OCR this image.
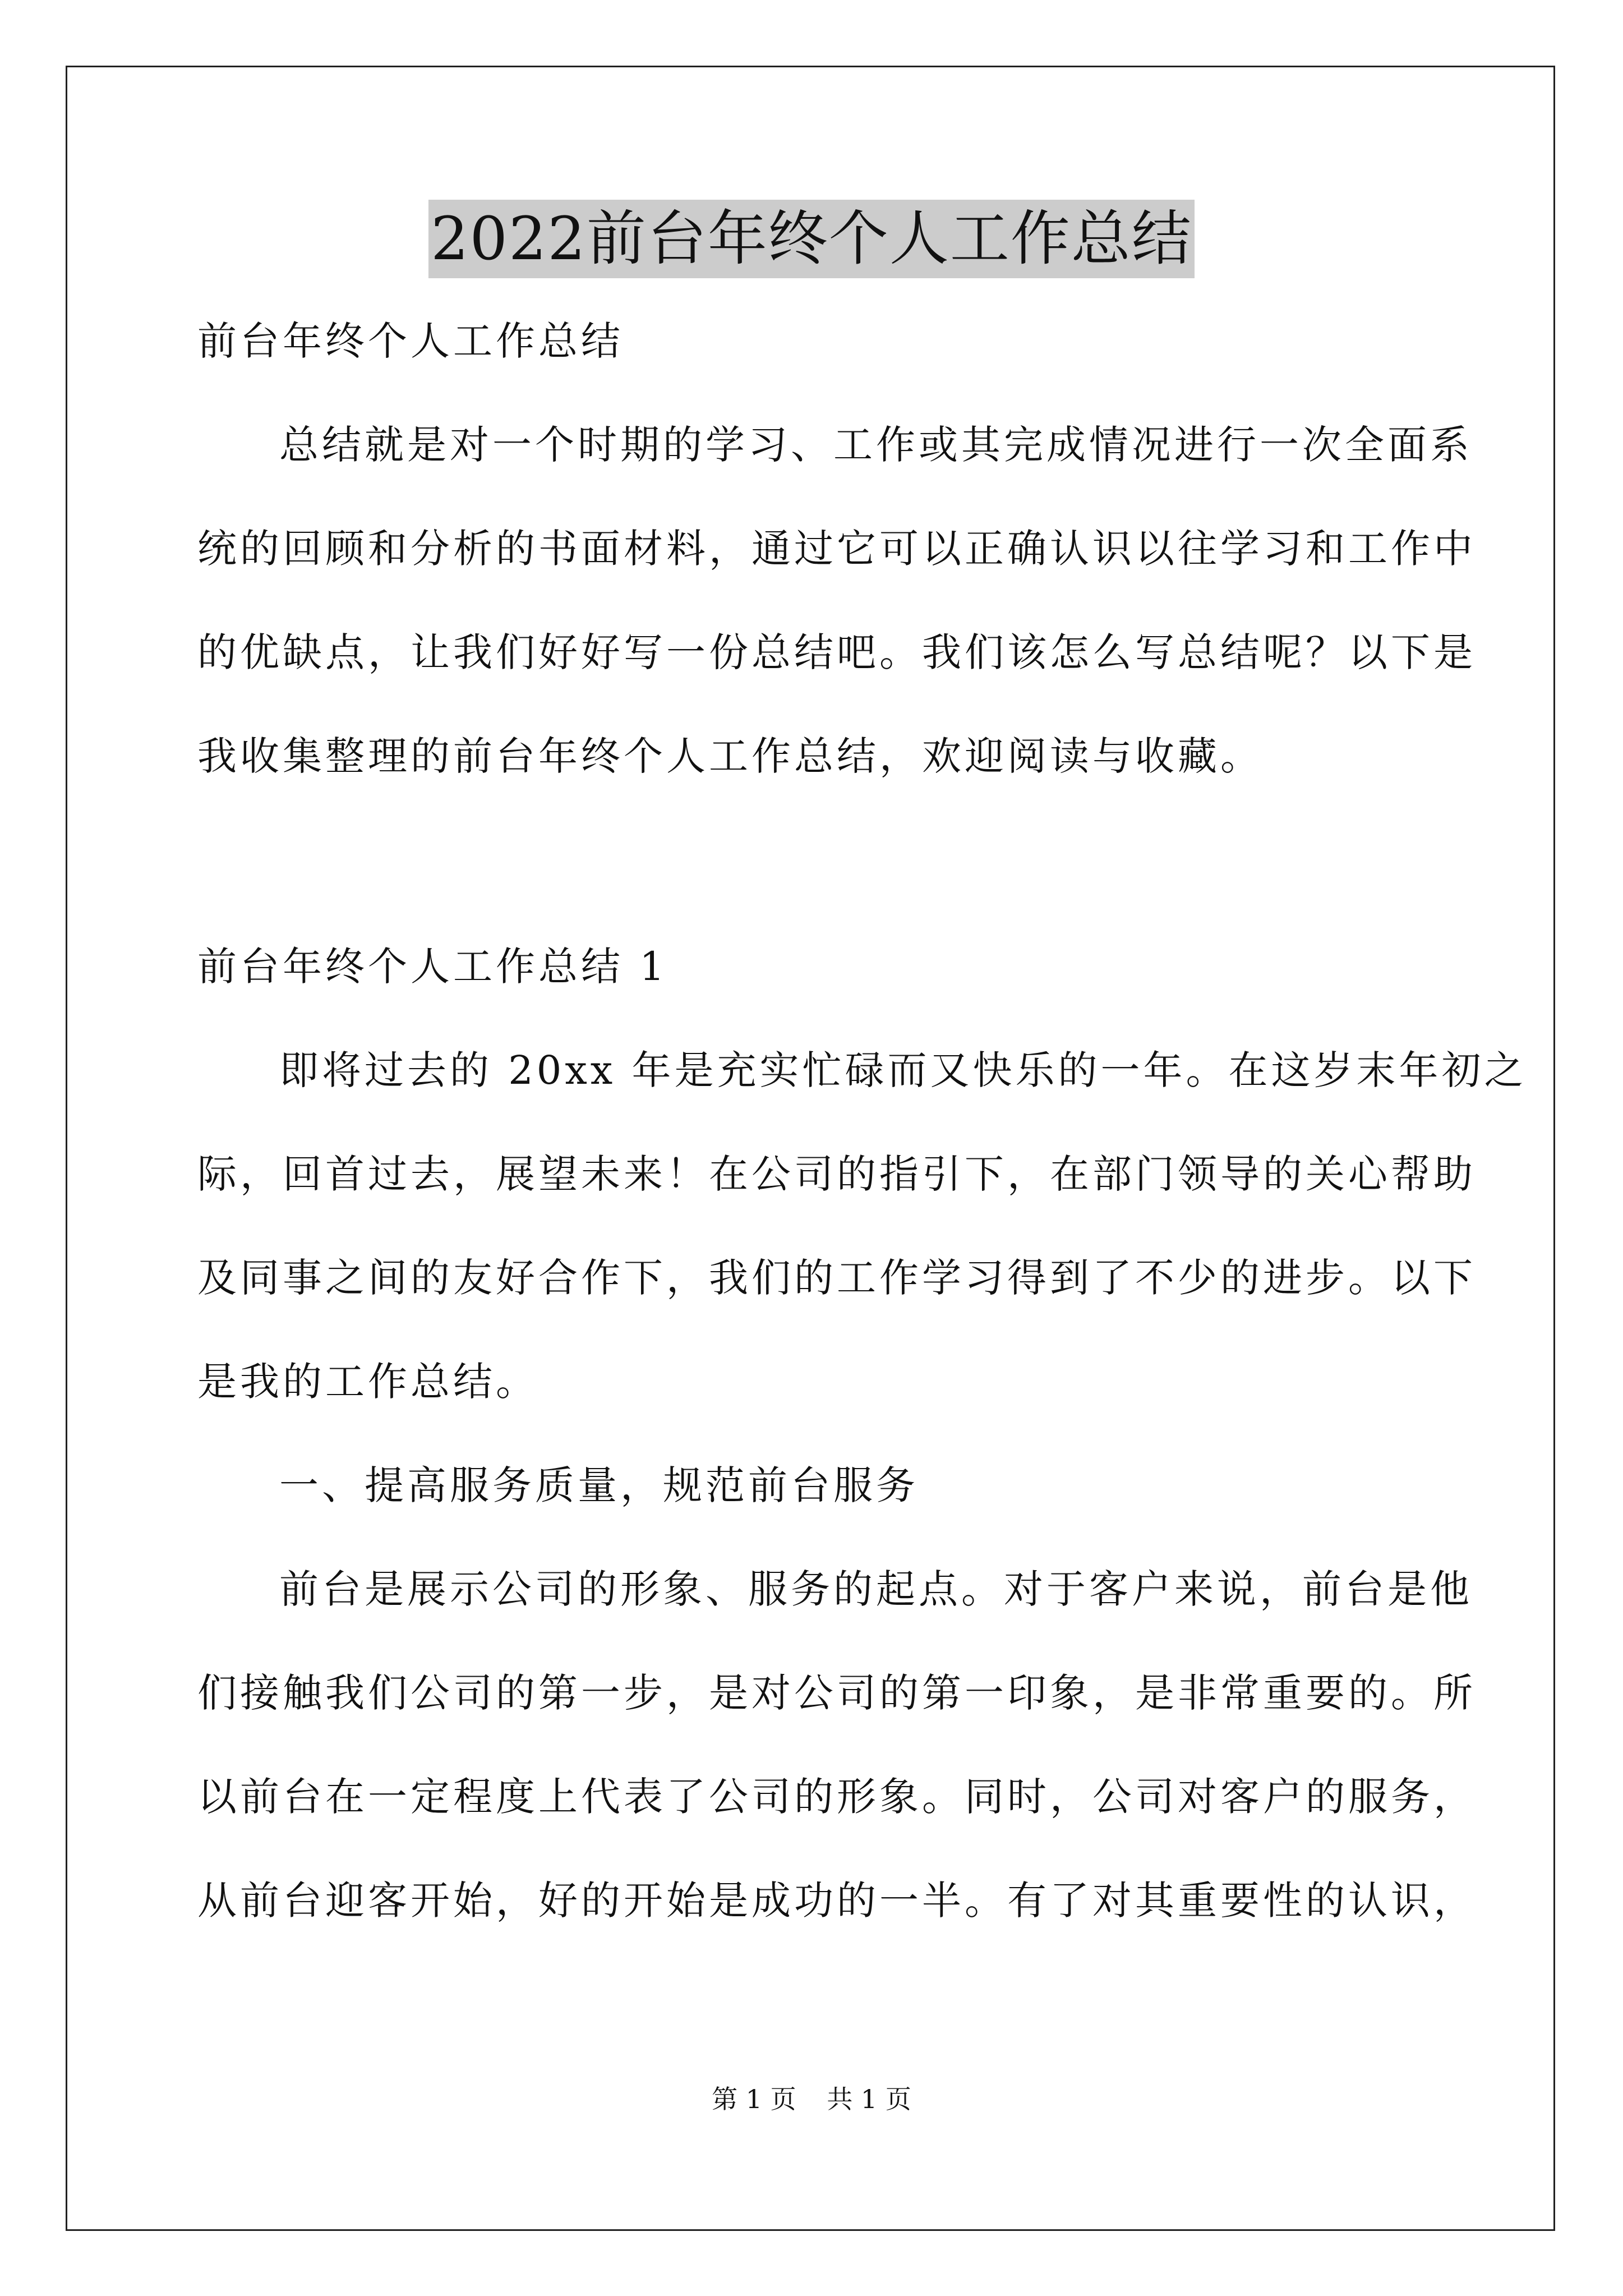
2022前台年终个人工作总结
前台年终个人工作总结
总结就是对一个时期的学习、工作或其完成情况进行一次全面系
统的回顾和分析的书面材料，通过它可以正确认识以往学习和工作中
的优缺点，让我们好好写一份总结吧。我们该怎么写总结呢？以下是
我收集整理的前台年终个人工作总结，欢迎阅读与收藏。
前台年终个人工作总结 1
即将过去的 20xx 年是充实忙碌而又快乐的一年。在这岁末年初之
际，回首过去，展望未来！在公司的指引下，在部门领导的关心帮助
及同事之间的友好合作下，我们的工作学习得到了不少的进步。以下
是我的工作总结。
一、提高服务质量，规范前台服务
前台是展示公司的形象、服务的起点。对于客户来说，前台是他
们接触我们公司的第一步，是对公司的第一印象，是非常重要的。所
以前台在一定程度上代表了公司的形象。同时，公司对客户的服务，
从前台迎客开始，好的开始是成功的一半。有了对其重要性的认识，
第 1 页 共 1 页
